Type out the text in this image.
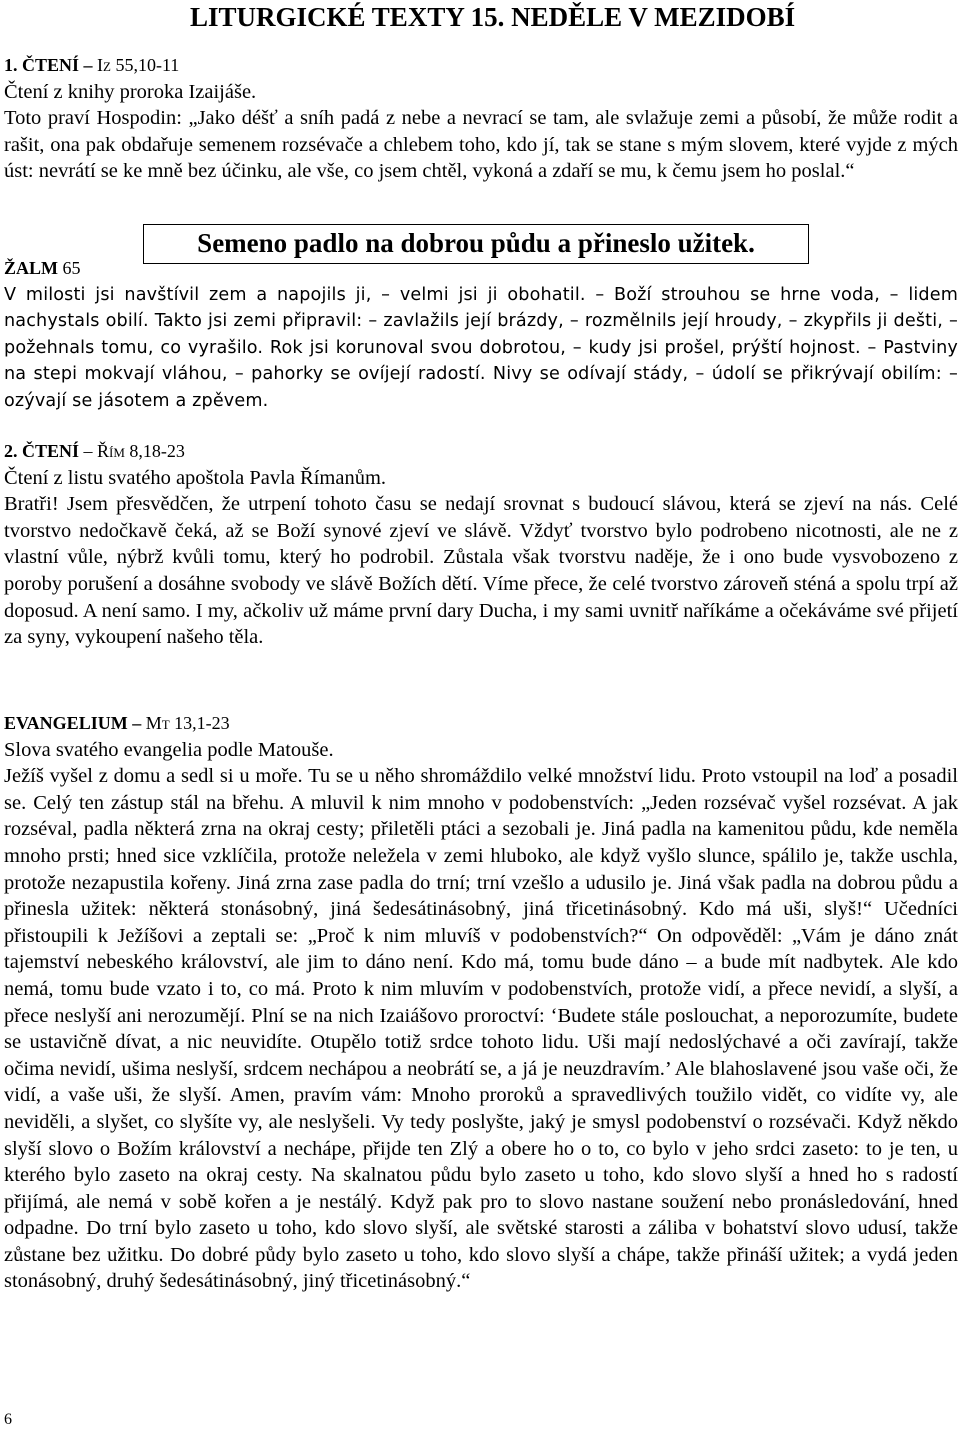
LITURGICKÉ TEXTY 15. NEDĚLE V MEZIDOBÍ

1. ČTENÍ – Iz 55,10-11

Čtení z knihy proroka Izaijáše.

Toto praví Hospodin: „Jako déšť a sníh padá z nebe a nevrací se tam, ale svlažuje zemi a působí, že může rodit a rašit, ona pak obdařuje semenem rozsévače a chlebem toho, kdo jí, tak se stane s mým slovem, které vyjde z mých úst: nevrátí se ke mně bez účinku, ale vše, co jsem chtěl, vykoná a zdaří se mu, k čemu jsem ho poslal.“

Semeno padlo na dobrou půdu a přineslo užitek.

ŽALM 65

V milosti jsi navštívil zem a napojils ji, – velmi jsi ji obohatil. – Boží strouhou se hrne voda, – lidem nachystals obilí. Takto jsi zemi připravil: – zavlažils její brázdy, – rozmělnils její hroudy, – zkypřils ji dešti, – požehnals tomu, co vyrašilo. Rok jsi korunoval svou dobrotou, – kudy jsi prošel, prýští hojnost. – Pastviny na stepi mokvají vláhou, – pahorky se ovíjejí radostí. Nivy se odívají stády, – údolí se přikrývají obilím: – ozývají se jásotem a zpěvem.

2. ČTENÍ – Řím 8,18-23

Čtení z listu svatého apoštola Pavla Římanům.

Bratři! Jsem přesvědčen, že utrpení tohoto času se nedají srovnat s budoucí slávou, která se zjeví na nás. Celé tvorstvo nedočkavě čeká, až se Boží synové zjeví ve slávě. Vždyť tvorstvo bylo podrobeno nicotnosti, ale ne z vlastní vůle, nýbrž kvůli tomu, který ho podrobil. Zůstala však tvorstvu naděje, že i ono bude vysvobozeno z poroby porušení a dosáhne svobody ve slávě Božích dětí. Víme přece, že celé tvorstvo zároveň sténá a spolu trpí až doposud. A není samo. I my, ačkoliv už máme první dary Ducha, i my sami uvnitř naříkáme a očekáváme své přijetí za syny, vykoupení našeho těla.

EVANGELIUM – Mt 13,1-23

Slova svatého evangelia podle Matouše.

Ježíš vyšel z domu a sedl si u moře. Tu se u něho shromáždilo velké množství lidu. Proto vstoupil na loď a posadil se. Celý ten zástup stál na břehu. A mluvil k nim mnoho v podobenstvích: „Jeden rozsévač vyšel rozsévat. A jak rozséval, padla některá zrna na okraj cesty; přiletěli ptáci a sezobali je. Jiná padla na kamenitou půdu, kde neměla mnoho prsti; hned sice vzklíčila, protože neležela v zemi hluboko, ale když vyšlo slunce, spálilo je, takže uschla, protože nezapustila kořeny. Jiná zrna zase padla do trní; trní vzešlo a udusilo je. Jiná však padla na dobrou půdu a přinesla užitek: některá stonásobný, jiná šedesátinásobný, jiná třicetinásobný. Kdo má uši, slyš!“ Učedníci přistoupili k Ježíšovi a zeptali se: „Proč k nim mluvíš v podobenstvích?“ On odpověděl: „Vám je dáno znát tajemství nebeského království, ale jim to dáno není. Kdo má, tomu bude dáno – a bude mít nadbytek. Ale kdo nemá, tomu bude vzato i to, co má. Proto k nim mluvím v podobenstvích, protože vidí, a přece nevidí, a slyší, a přece neslyší ani nerozumějí. Plní se na nich Izaiášovo proroctví: ‘Budete stále poslouchat, a neporozumíte, budete se ustavičně dívat, a nic neuvidíte. Otupělo totiž srdce tohoto lidu. Uši mají nedoslýchavé a oči zavírají, takže očima nevidí, ušima neslyší, srdcem nechápou a neobrátí se, a já je neuzdravím.’ Ale blahoslavené jsou vaše oči, že vidí, a vaše uši, že slyší. Amen, pravím vám: Mnoho proroků a spravedlivých toužilo vidět, co vidíte vy, ale neviděli, a slyšet, co slyšíte vy, ale neslyšeli. Vy tedy poslyšte, jaký je smysl podobenství o rozsévači. Když někdo slyší slovo o Božím království a nechápe, přijde ten Zlý a obere ho o to, co bylo v jeho srdci zaseto: to je ten, u kterého bylo zaseto na okraj cesty. Na skalnatou půdu bylo zaseto u toho, kdo slovo slyší a hned ho s radostí přijímá, ale nemá v sobě kořen a je nestálý. Když pak pro to slovo nastane soužení nebo pronásledování, hned odpadne. Do trní bylo zaseto u toho, kdo slovo slyší, ale světské starosti a záliba v bohatství slovo udusí, takže zůstane bez užitku. Do dobré půdy bylo zaseto u toho, kdo slovo slyší a chápe, takže přináší užitek; a vydá jeden stonásobný, druhý šedesátinásobný, jiný třicetinásobný.“

6
